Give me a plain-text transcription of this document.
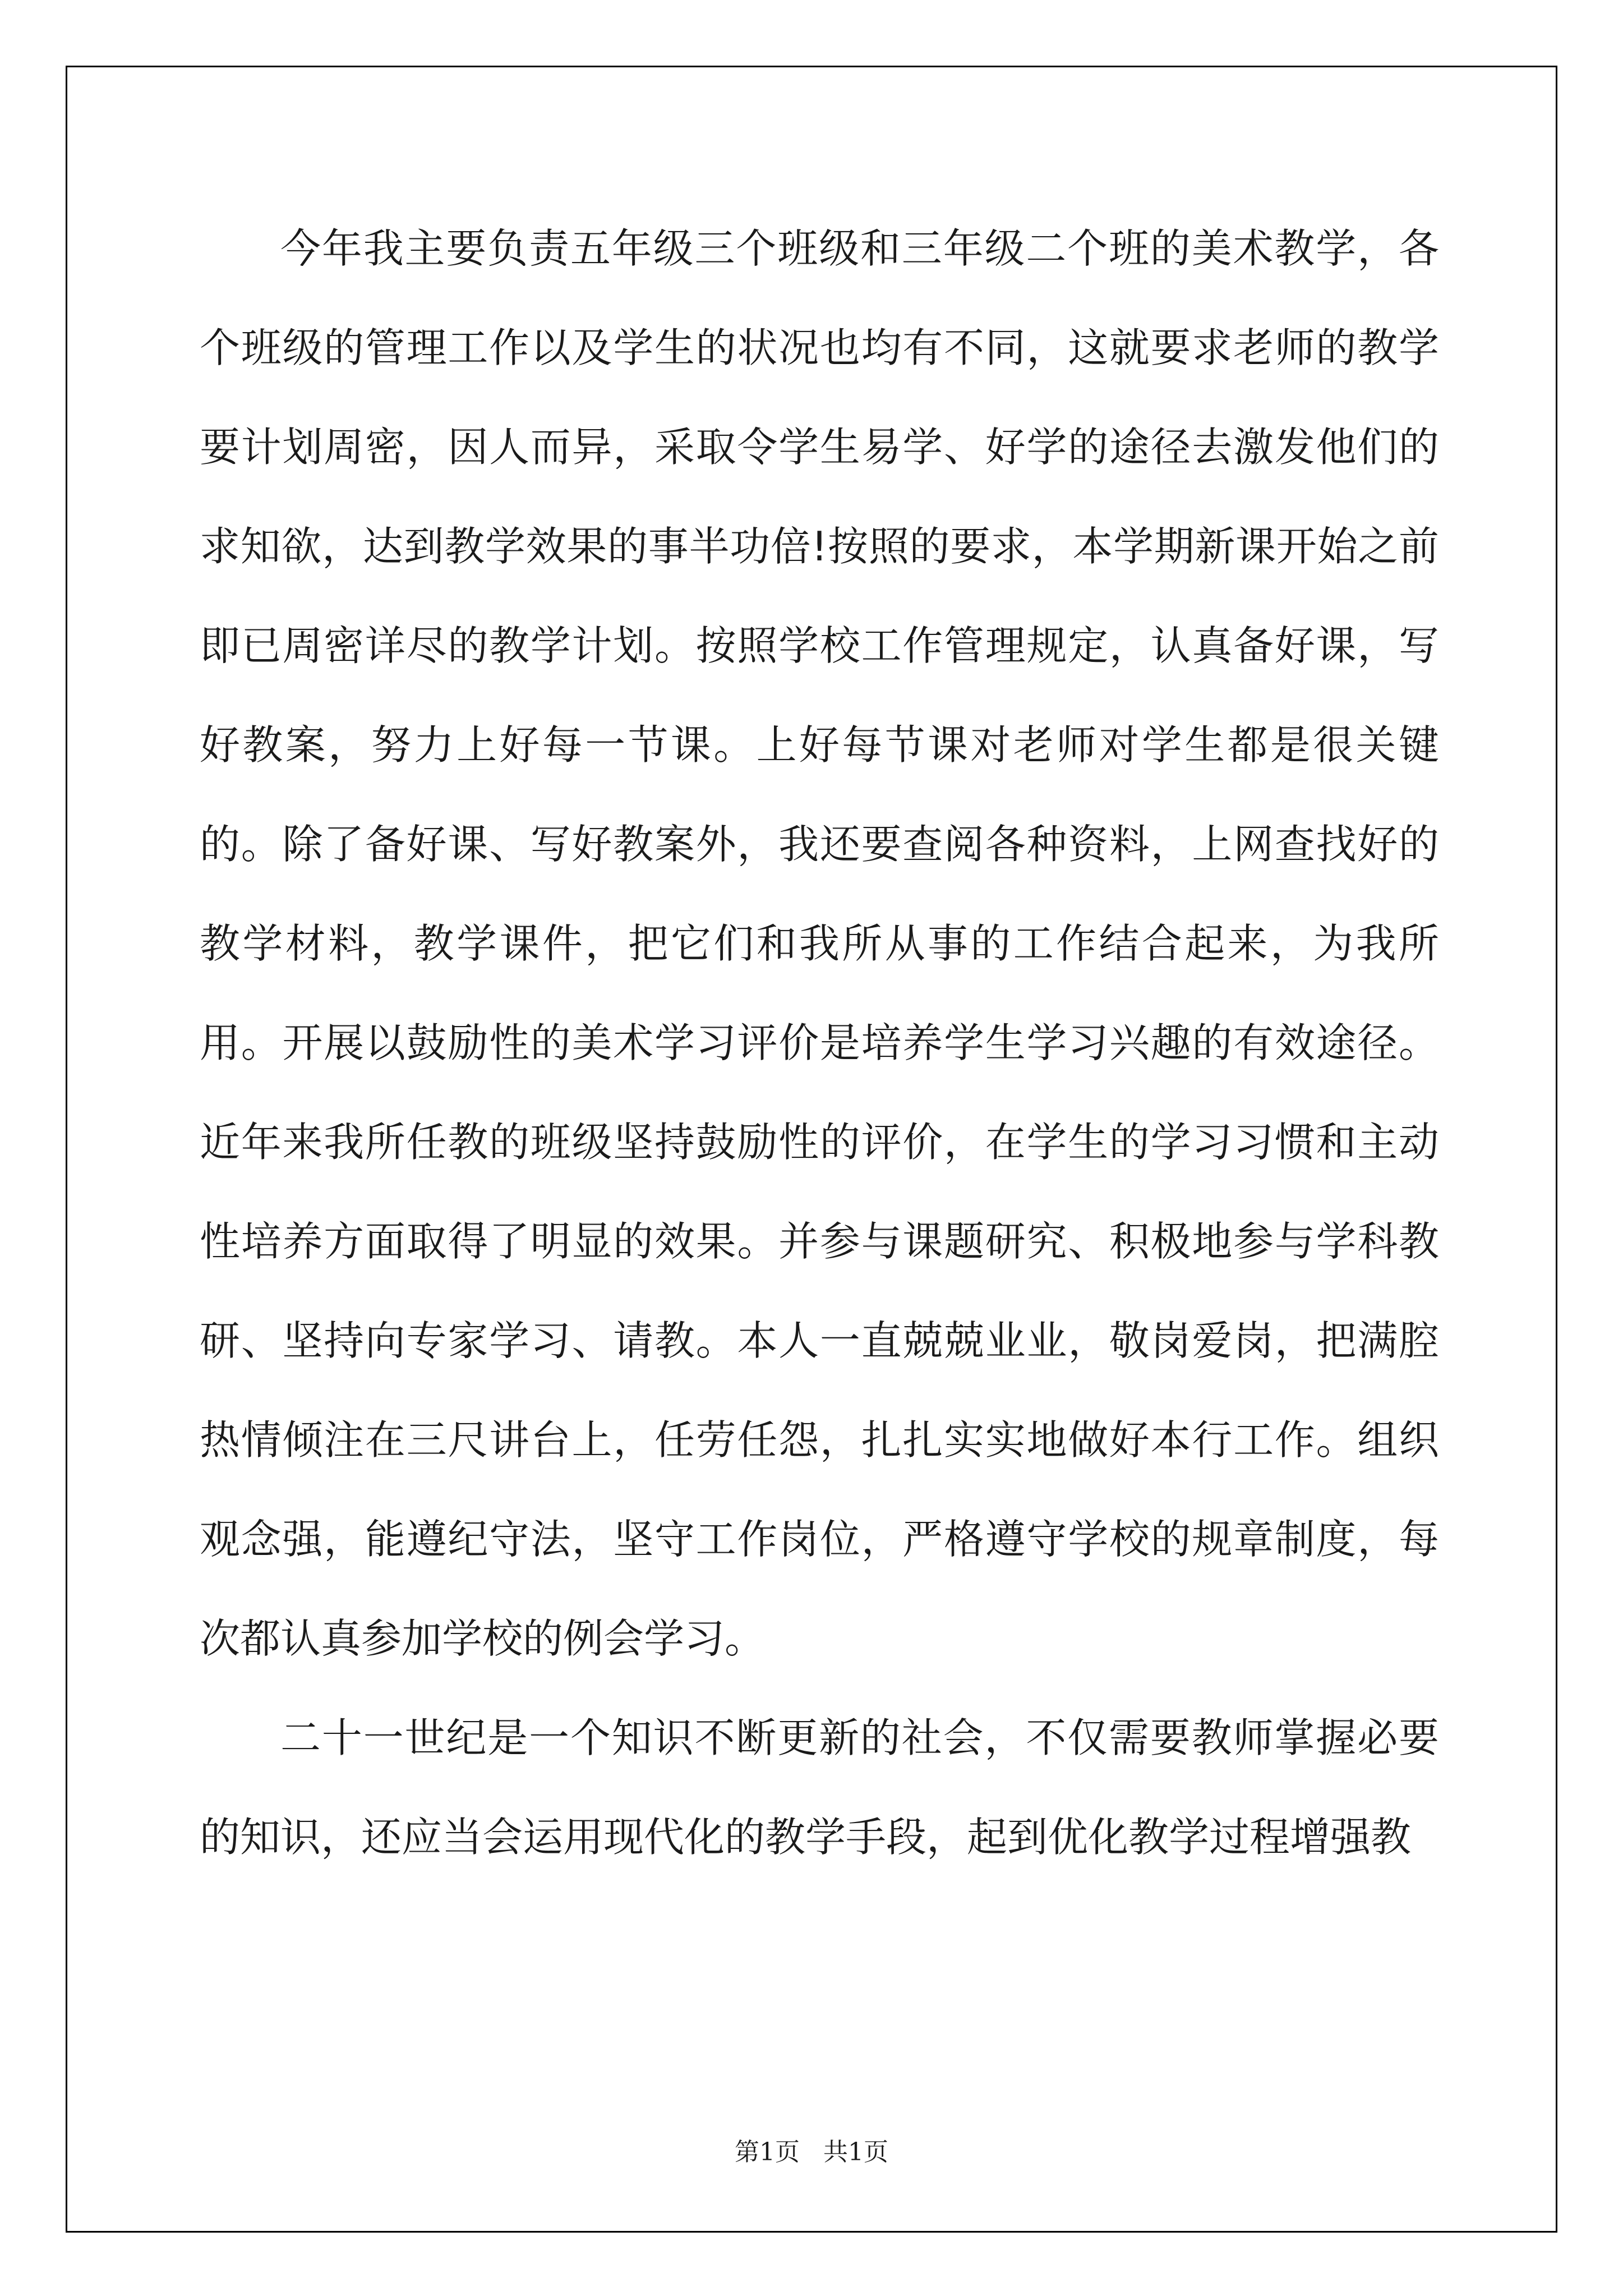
今年我主要负责五年级三个班级和三年级二个班的美术教学，各个班级的管理工作以及学生的状况也均有不同，这就要求老师的教学要计划周密，因人而异，采取令学生易学、好学的途径去激发他们的求知欲，达到教学效果的事半功倍!按照的要求，本学期新课开始之前即已周密详尽的教学计划。按照学校工作管理规定，认真备好课，写好教案，努力上好每一节课。上好每节课对老师对学生都是很关键的。除了备好课、写好教案外，我还要查阅各种资料，上网查找好的教学材料，教学课件，把它们和我所从事的工作结合起来，为我所用。开展以鼓励性的美术学习评价是培养学生学习兴趣的有效途径。近年来我所任教的班级坚持鼓励性的评价，在学生的学习习惯和主动性培养方面取得了明显的效果。并参与课题研究、积极地参与学科教研、坚持向专家学习、请教。本人一直兢兢业业，敬岗爱岗，把满腔热情倾注在三尺讲台上，任劳任怨，扎扎实实地做好本行工作。组织观念强，能遵纪守法，坚守工作岗位，严格遵守学校的规章制度，每次都认真参加学校的例会学习。

二十一世纪是一个知识不断更新的社会，不仅需要教师掌握必要的知识，还应当会运用现代化的教学手段，起到优化教学过程增强教

第1页   共1页
